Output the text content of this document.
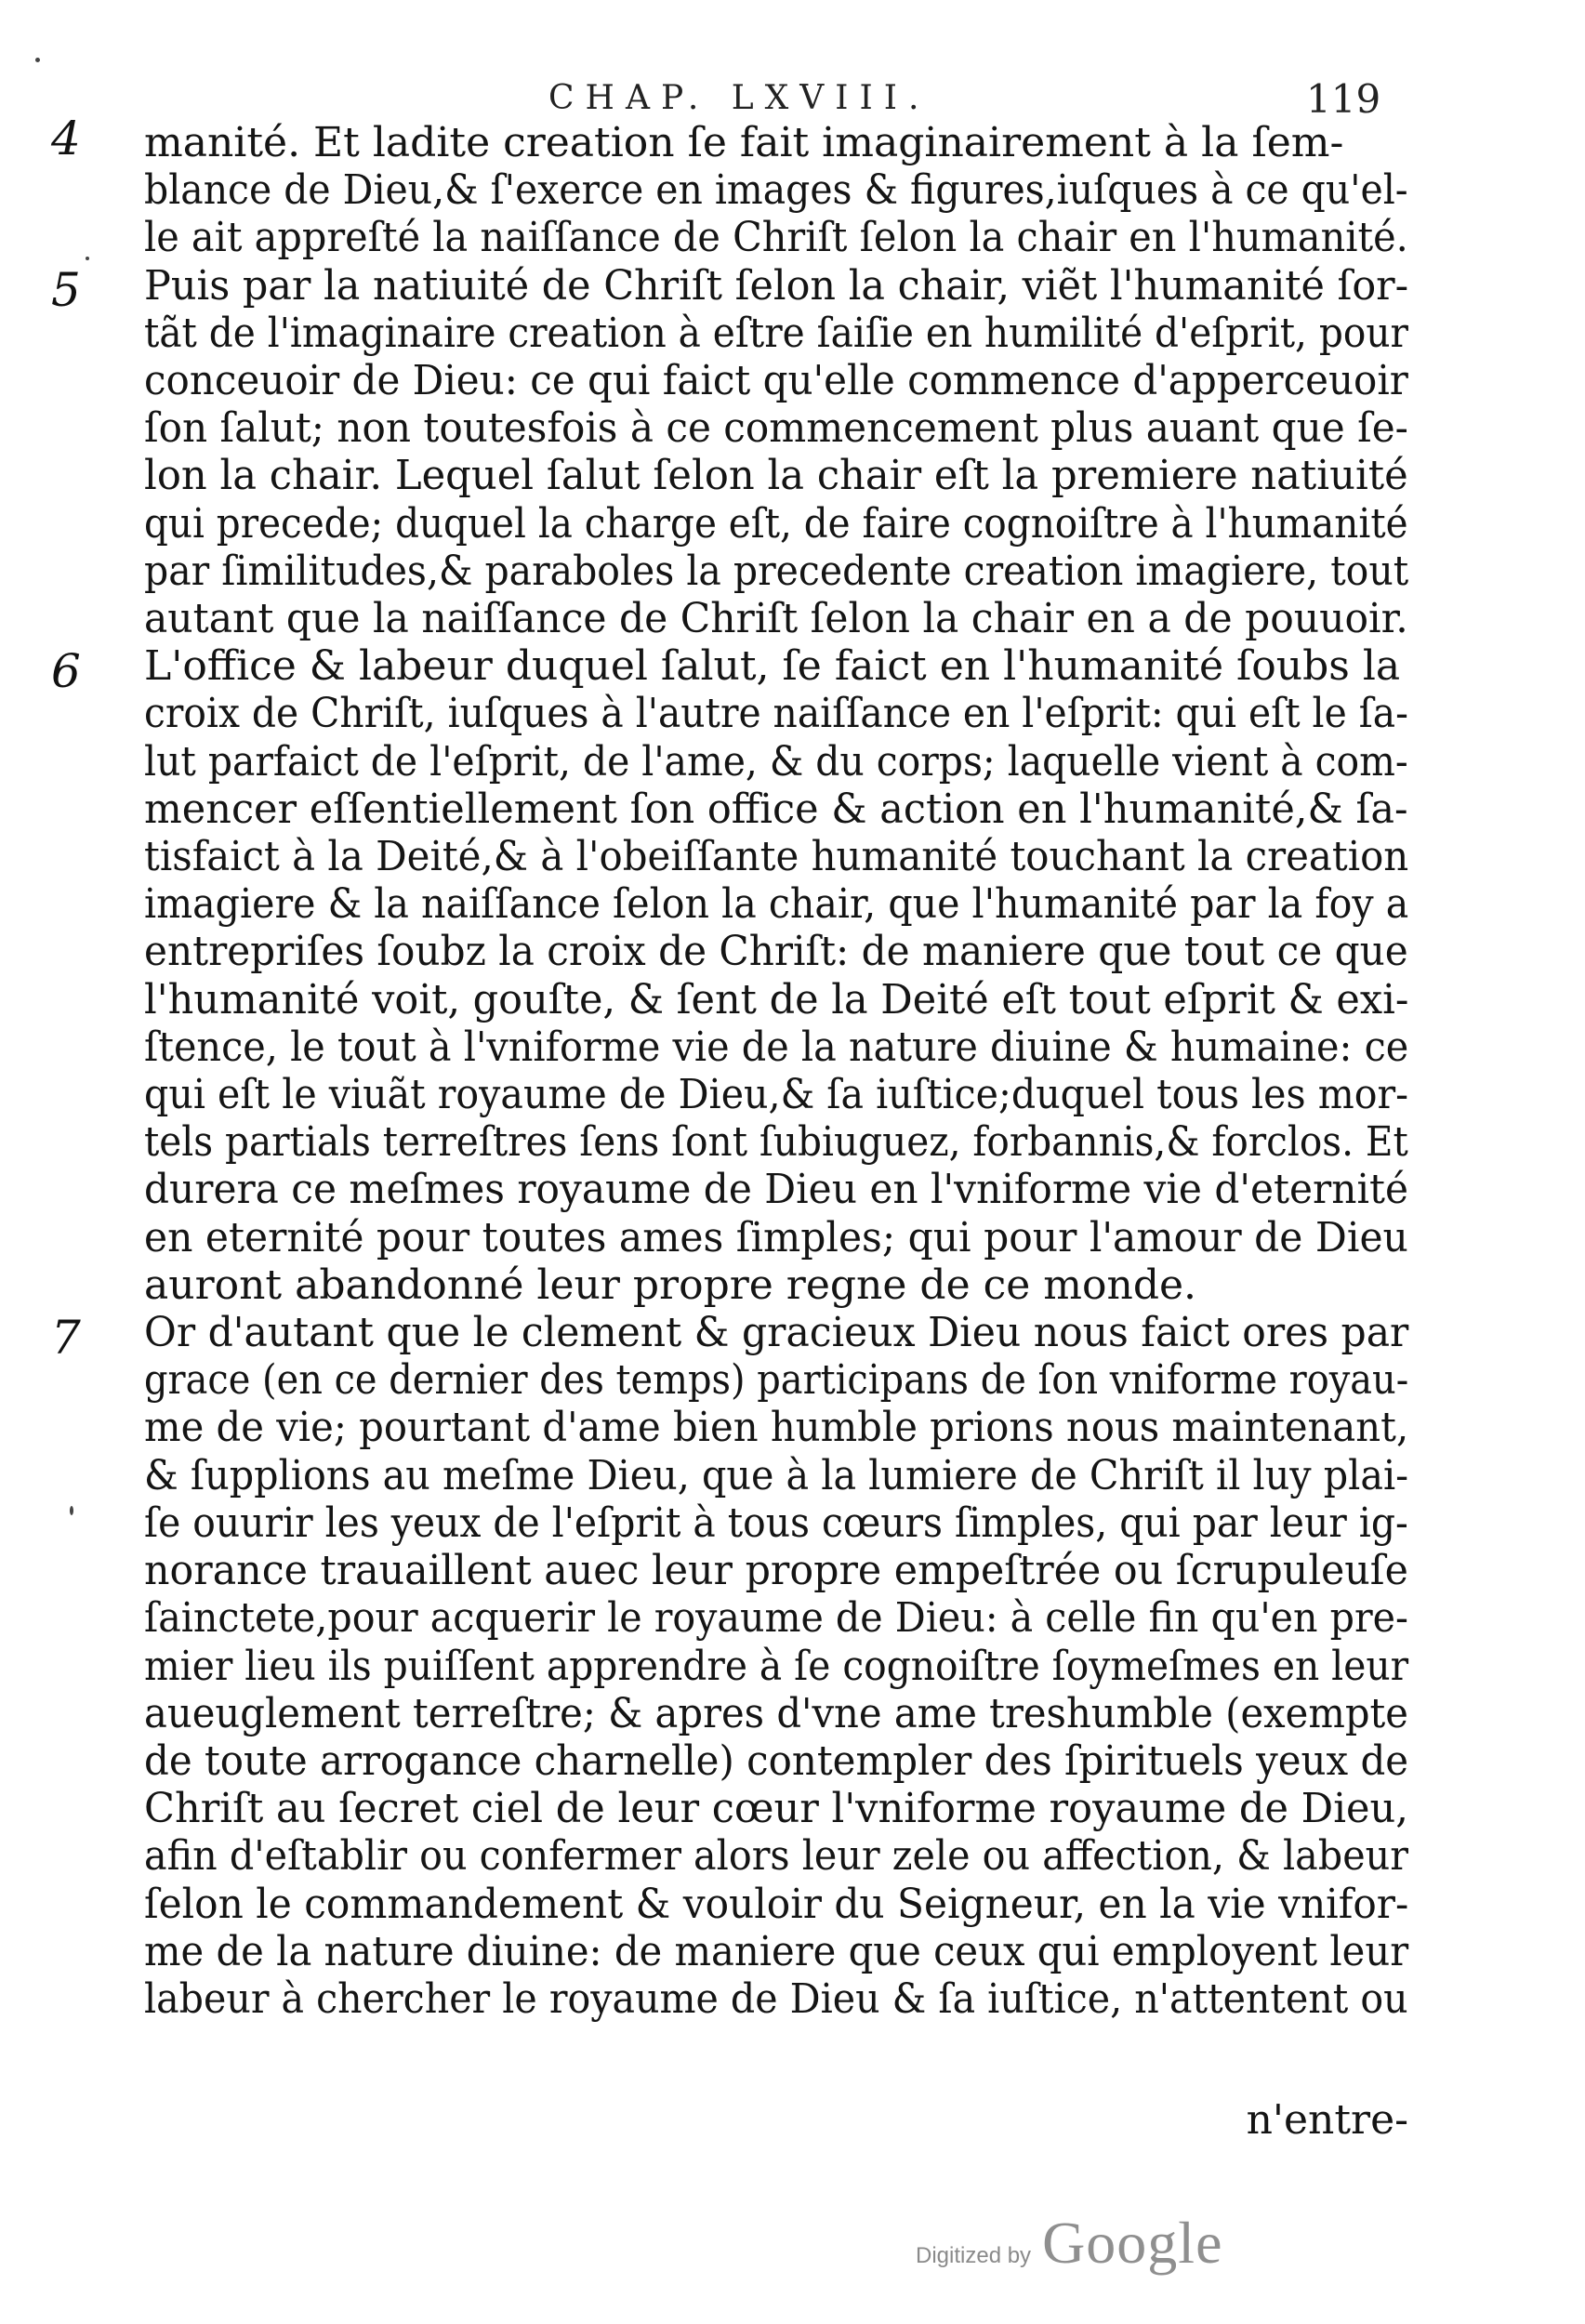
CHAP. LXVIII.	119
4
5
6
7
manité. Et ladite creation ſe fait imaginairement à la ſem-
blance de Dieu,& ſ'exerce en images & figures,iuſques à ce qu'el-
le ait appreſté la naiſſance de Chriſt ſelon la chair en l'humanité.
Puis par la natiuité de Chriſt ſelon la chair, viẽt l'humanité ſor-
tãt de l'imaginaire creation à eſtre ſaiſie en humilité d'eſprit, pour
conceuoir de Dieu: ce qui faict qu'elle commence d'apperceuoir
ſon ſalut; non toutesfois à ce commencement plus auant que ſe-
lon la chair. Lequel ſalut ſelon la chair eſt la premiere natiuité
qui precede; duquel la charge eſt, de faire cognoiſtre à l'humanité
par ſimilitudes,& paraboles la precedente creation imagiere, tout
autant que la naiſſance de Chriſt ſelon la chair en a de pouuoir.
L'office & labeur duquel ſalut, ſe faict en l'humanité ſoubs la
croix de Chriſt, iuſques à l'autre naiſſance en l'eſprit: qui eſt le ſa-
lut parfaict de l'eſprit, de l'ame, & du corps; laquelle vient à com-
mencer eſſentiellement ſon office & action en l'humanité,& ſa-
tisfaict à la Deité,& à l'obeiſſante humanité touchant la creation
imagiere & la naiſſance ſelon la chair, que l'humanité par la foy a
entrepriſes ſoubz la croix de Chriſt: de maniere que tout ce que
l'humanité voit, gouſte, & ſent de la Deité eſt tout eſprit & exi-
ſtence, le tout à l'vniforme vie de la nature diuine & humaine: ce
qui eſt le viuãt royaume de Dieu,& ſa iuſtice;duquel tous les mor-
tels partials terreſtres ſens ſont ſubiuguez, forbannis,& forclos. Et
durera ce meſmes royaume de Dieu en l'vniforme vie d'eternité
en eternité pour toutes ames ſimples; qui pour l'amour de Dieu
auront abandonné leur propre regne de ce monde.
Or d'autant que le clement & gracieux Dieu nous faict ores par
grace (en ce dernier des temps) participans de ſon vniforme royau-
me de vie; pourtant d'ame bien humble prions nous maintenant,
& ſupplions au meſme Dieu, que à la lumiere de Chriſt il luy plai-
ſe ouurir les yeux de l'eſprit à tous cœurs ſimples, qui par leur ig-
norance trauaillent auec leur propre empeſtrée ou ſcrupuleuſe
ſainctete,pour acquerir le royaume de Dieu: à celle fin qu'en pre-
mier lieu ils puiſſent apprendre à ſe cognoiſtre ſoymeſmes en leur
aueuglement terreſtre; & apres d'vne ame treshumble (exempte
de toute arrogance charnelle) contempler des ſpirituels yeux de
Chriſt au ſecret ciel de leur cœur l'vniforme royaume de Dieu,
afin d'eſtablir ou confermer alors leur zele ou affection, & labeur
ſelon le commandement & vouloir du Seigneur, en la vie vnifor-
me de la nature diuine: de maniere que ceux qui employent leur
labeur à chercher le royaume de Dieu & ſa iuſtice, n'attentent ou
n'entre-
Digitized by Google
